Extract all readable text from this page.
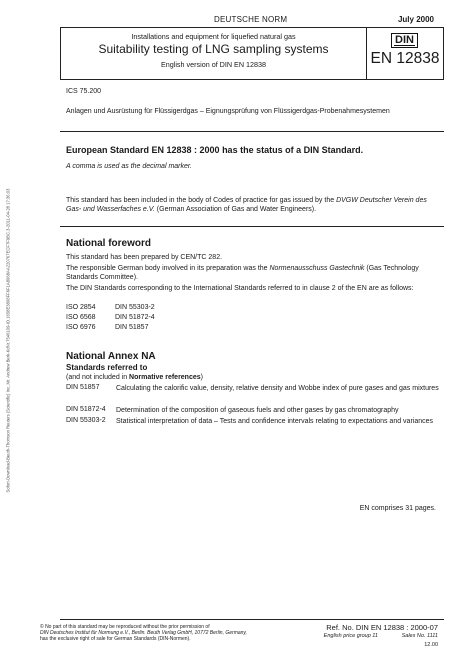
Sofort-Download-Beuth-Thomson Reuters (Scientific) Inc.,Mr. Andrew Berk-KdNr.7546109-ID.1658E3808FF6F1A8068AA220767ECF7F9BC.3-2011-04-28 17:36:03
DEUTSCHE NORM	July 2000
Installations and equipment for liquefied natural gas
Suitability testing of LNG sampling systems
English version of DIN EN 12838
DIN
EN 12838
ICS 75.200
Anlagen und Ausrüstung für Flüssigerdgas – Eignungsprüfung von Flüssigerdgas-Probenahmesystemen
European Standard EN 12838 : 2000 has the status of a DIN Standard.
A comma is used as the decimal marker.
This standard has been included in the body of Codes of practice for gas issued by the DVGW Deutscher Verein des Gas- und Wasserfaches e.V. (German Association of Gas and Water Engineers).
National foreword
This standard has been prepared by CEN/TC 282.
The responsible German body involved in its preparation was the Normenausschuss Gastechnik (Gas Technology Standards Committee).
The DIN Standards corresponding to the International Standards referred to in clause 2 of the EN are as follows:
ISO 2854	DIN 55303-2
ISO 6568	DIN 51872-4
ISO 6976	DIN 51857
National Annex NA
Standards referred to
(and not included in Normative references)
DIN 51857 Calculating the calorific value, density, relative density and Wobbe index of pure gases and gas mixtures
DIN 51872-4 Determination of the composition of gaseous fuels and other gases by gas chromatography
DIN 55303-2 Statistical interpretation of data – Tests and confidence intervals relating to expectations and variances
EN comprises 31 pages.
© No part of this standard may be reproduced without the prior permission of
DIN Deutsches Institut für Normung e.V., Berlin. Beuth Verlag GmbH, 10772 Berlin, Germany,
has the exclusive right of sale for German Standards (DIN-Normen).
Ref. No. DIN EN 12838 : 2000-07
English price group 11	Sales No. 1111
12.00
